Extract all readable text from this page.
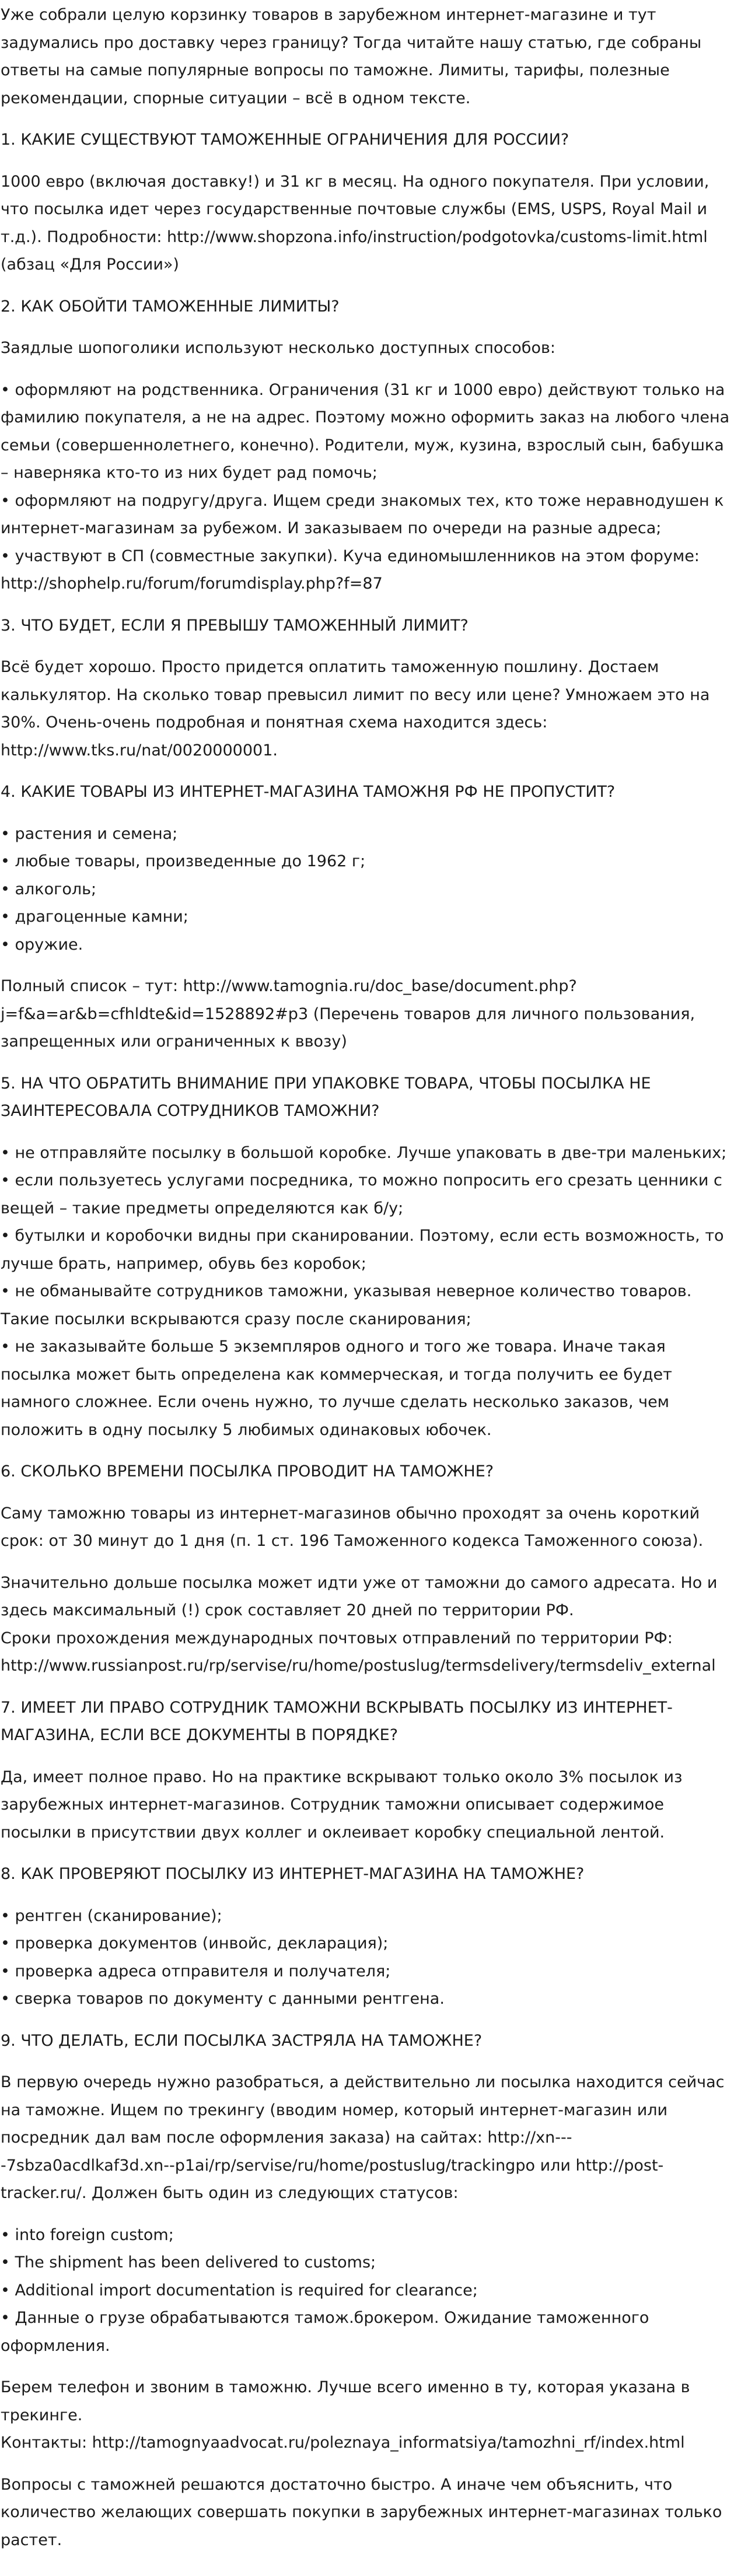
Уже собрали целую корзинку товаров в зарубежном интернет-магазине и тут задумались про доставку через границу? Тогда читайте нашу статью, где собраны ответы на самые популярные вопросы по таможне. Лимиты, тарифы, полезные рекомендации, спорные ситуации – всё в одном тексте.

1. КАКИЕ СУЩЕСТВУЮТ ТАМОЖЕННЫЕ ОГРАНИЧЕНИЯ ДЛЯ РОССИИ?

1000 евро (включая доставку!) и 31 кг в месяц. На одного покупателя. При условии, что посылка идет через государственные почтовые службы (EMS, USPS, Royal Mail и т.д.). Подробности: http://www.shopzona.info/instruction/podgotovka/customs-limit.html (абзац «Для России»)

2. КАК ОБОЙТИ ТАМОЖЕННЫЕ ЛИМИТЫ?

Заядлые шопоголики используют несколько доступных способов:

• оформляют на родственника. Ограничения (31 кг и 1000 евро) действуют только на фамилию покупателя, а не на адрес. Поэтому можно оформить заказ на любого члена семьи (совершеннолетнего, конечно). Родители, муж, кузина, взрослый сын, бабушка – наверняка кто-то из них будет рад помочь;
• оформляют на подругу/друга. Ищем среди знакомых тех, кто тоже неравнодушен к интернет-магазинам за рубежом. И заказываем по очереди на разные адреса;
• участвуют в СП (совместные закупки). Куча единомышленников на этом форуме: http://shophelp.ru/forum/forumdisplay.php?f=87

3. ЧТО БУДЕТ, ЕСЛИ Я ПРЕВЫШУ ТАМОЖЕННЫЙ ЛИМИТ?

Всё будет хорошо. Просто придется оплатить таможенную пошлину. Достаем калькулятор. На сколько товар превысил лимит по весу или цене? Умножаем это на 30%. Очень-очень подробная и понятная схема находится здесь: http://www.tks.ru/nat/0020000001.

4. КАКИЕ ТОВАРЫ ИЗ ИНТЕРНЕТ-МАГАЗИНА ТАМОЖНЯ РФ НЕ ПРОПУСТИТ?

• растения и семена;
• любые товары, произведенные до 1962 г;
• алкоголь;
• драгоценные камни;
• оружие.

Полный список – тут: http://www.tamognia.ru/doc_base/document.php?j=f&a=ar&b=cfhldte&id=1528892#p3 (Перечень товаров для личного пользования, запрещенных или ограниченных к ввозу)

5. НА ЧТО ОБРАТИТЬ ВНИМАНИЕ ПРИ УПАКОВКЕ ТОВАРА, ЧТОБЫ ПОСЫЛКА НЕ ЗАИНТЕРЕСОВАЛА СОТРУДНИКОВ ТАМОЖНИ?

• не отправляйте посылку в большой коробке. Лучше упаковать в две-три маленьких;
• если пользуетесь услугами посредника, то можно попросить его срезать ценники с вещей – такие предметы определяются как б/у;
• бутылки и коробочки видны при сканировании. Поэтому, если есть возможность, то лучше брать, например, обувь без коробок;
• не обманывайте сотрудников таможни, указывая неверное количество товаров. Такие посылки вскрываются сразу после сканирования;
• не заказывайте больше 5 экземпляров одного и того же товара. Иначе такая посылка может быть определена как коммерческая, и тогда получить ее будет намного сложнее. Если очень нужно, то лучше сделать несколько заказов, чем положить в одну посылку 5 любимых одинаковых юбочек.

6. СКОЛЬКО ВРЕМЕНИ ПОСЫЛКА ПРОВОДИТ НА ТАМОЖНЕ?

Саму таможню товары из интернет-магазинов обычно проходят за очень короткий срок: от 30 минут до 1 дня (п. 1 ст. 196 Таможенного кодекса Таможенного союза).

Значительно дольше посылка может идти уже от таможни до самого адресата. Но и здесь максимальный (!) срок составляет 20 дней по территории РФ.
Сроки прохождения международных почтовых отправлений по территории РФ: http://www.russianpost.ru/rp/servise/ru/home/postuslug/termsdelivery/termsdeliv_external

7. ИМЕЕТ ЛИ ПРАВО СОТРУДНИК ТАМОЖНИ ВСКРЫВАТЬ ПОСЫЛКУ ИЗ ИНТЕРНЕТ-МАГАЗИНА, ЕСЛИ ВСЕ ДОКУМЕНТЫ В ПОРЯДКЕ?

Да, имеет полное право. Но на практике вскрывают только около 3% посылок из зарубежных интернет-магазинов. Сотрудник таможни описывает содержимое посылки в присутствии двух коллег и оклеивает коробку специальной лентой.

8. КАК ПРОВЕРЯЮТ ПОСЫЛКУ ИЗ ИНТЕРНЕТ-МАГАЗИНА НА ТАМОЖНЕ?

• рентген (сканирование);
• проверка документов (инвойс, декларация);
• проверка адреса отправителя и получателя;
• сверка товаров по документу с данными рентгена.

9. ЧТО ДЕЛАТЬ, ЕСЛИ ПОСЫЛКА ЗАСТРЯЛА НА ТАМОЖНЕ?

В первую очередь нужно разобраться, а действительно ли посылка находится сейчас на таможне. Ищем по трекингу (вводим номер, который интернет-магазин или посредник дал вам после оформления заказа) на сайтах: http://xn----7sbza0acdlkaf3d.xn--p1ai/rp/servise/ru/home/postuslug/trackingpo или http://post-tracker.ru/. Должен быть один из следующих статусов:

• into foreign custom;
• The shipment has been delivered to customs;
• Additional import documentation is required for clearance;
• Данные о грузе обрабатываются тамож.брокером. Ожидание таможенного оформления.

Берем телефон и звоним в таможню. Лучше всего именно в ту, которая указана в трекинге.
Контакты: http://tamognyaadvocat.ru/poleznaya_informatsiya/tamozhni_rf/index.html

Вопросы с таможней решаются достаточно быстро. А иначе чем объяснить, что количество желающих совершать покупки в зарубежных интернет-магазинах только растет.
